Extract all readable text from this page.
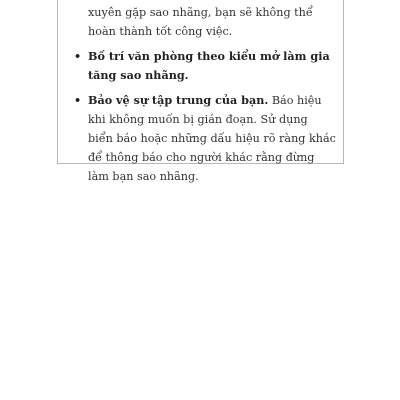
xuyên gặp sao nhãng, bạn sẽ không thể hoàn thành tốt công việc.
• Bố trí văn phòng theo kiểu mở làm gia tăng sao nhãng.
• Bảo vệ sự tập trung của bạn. Báo hiệu khi không muốn bị gián đoạn. Sử dụng biển báo hoặc những dấu hiệu rõ ràng khác để thông báo cho người khác rằng đừng làm bạn sao nhãng.
